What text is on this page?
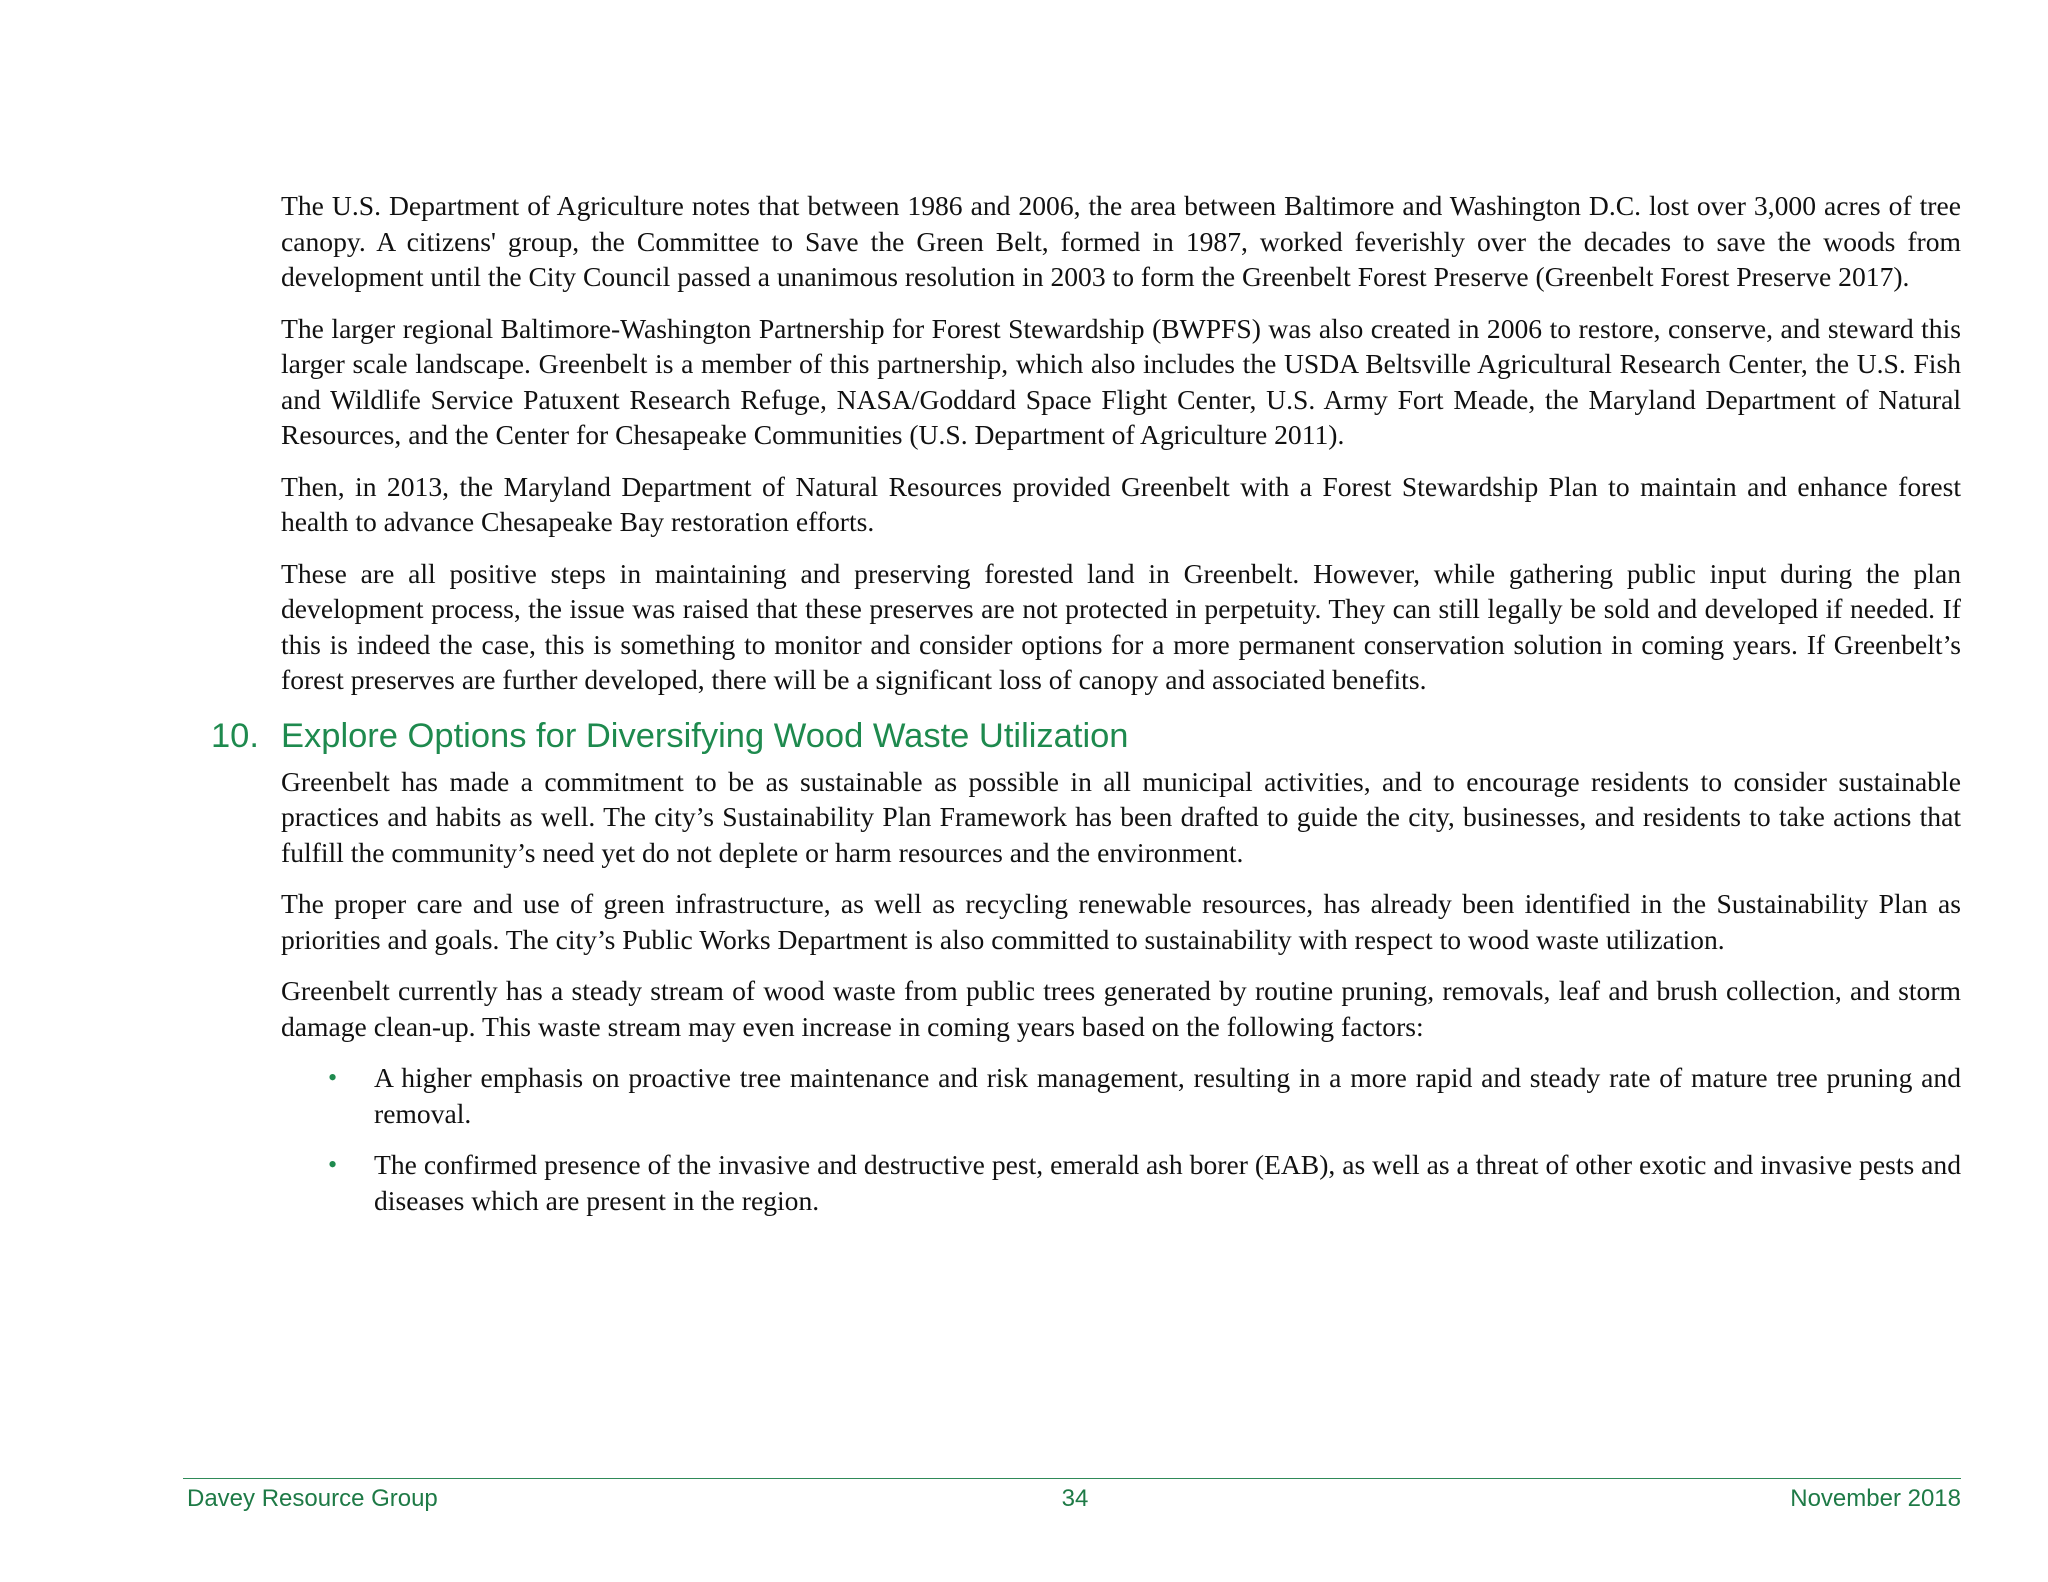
The U.S. Department of Agriculture notes that between 1986 and 2006, the area between Baltimore and Washington D.C. lost over 3,000 acres of tree canopy. A citizens' group, the Committee to Save the Green Belt, formed in 1987, worked feverishly over the decades to save the woods from development until the City Council passed a unanimous resolution in 2003 to form the Greenbelt Forest Preserve (Greenbelt Forest Preserve 2017).

The larger regional Baltimore-Washington Partnership for Forest Stewardship (BWPFS) was also created in 2006 to restore, conserve, and steward this larger scale landscape. Greenbelt is a member of this partnership, which also includes the USDA Beltsville Agricultural Research Center, the U.S. Fish and Wildlife Service Patuxent Research Refuge, NASA/Goddard Space Flight Center, U.S. Army Fort Meade, the Maryland Department of Natural Resources, and the Center for Chesapeake Communities (U.S. Department of Agriculture 2011).

Then, in 2013, the Maryland Department of Natural Resources provided Greenbelt with a Forest Stewardship Plan to maintain and enhance forest health to advance Chesapeake Bay restoration efforts.

These are all positive steps in maintaining and preserving forested land in Greenbelt. However, while gathering public input during the plan development process, the issue was raised that these preserves are not protected in perpetuity. They can still legally be sold and developed if needed. If this is indeed the case, this is something to monitor and consider options for a more permanent conservation solution in coming years. If Greenbelt’s forest preserves are further developed, there will be a significant loss of canopy and associated benefits.

10. Explore Options for Diversifying Wood Waste Utilization

Greenbelt has made a commitment to be as sustainable as possible in all municipal activities, and to encourage residents to consider sustainable practices and habits as well. The city’s Sustainability Plan Framework has been drafted to guide the city, businesses, and residents to take actions that fulfill the community’s need yet do not deplete or harm resources and the environment.

The proper care and use of green infrastructure, as well as recycling renewable resources, has already been identified in the Sustainability Plan as priorities and goals. The city’s Public Works Department is also committed to sustainability with respect to wood waste utilization.

Greenbelt currently has a steady stream of wood waste from public trees generated by routine pruning, removals, leaf and brush collection, and storm damage clean-up. This waste stream may even increase in coming years based on the following factors:

• A higher emphasis on proactive tree maintenance and risk management, resulting in a more rapid and steady rate of mature tree pruning and removal.
• The confirmed presence of the invasive and destructive pest, emerald ash borer (EAB), as well as a threat of other exotic and invasive pests and diseases which are present in the region.
Davey Resource Group	34	November 2018
